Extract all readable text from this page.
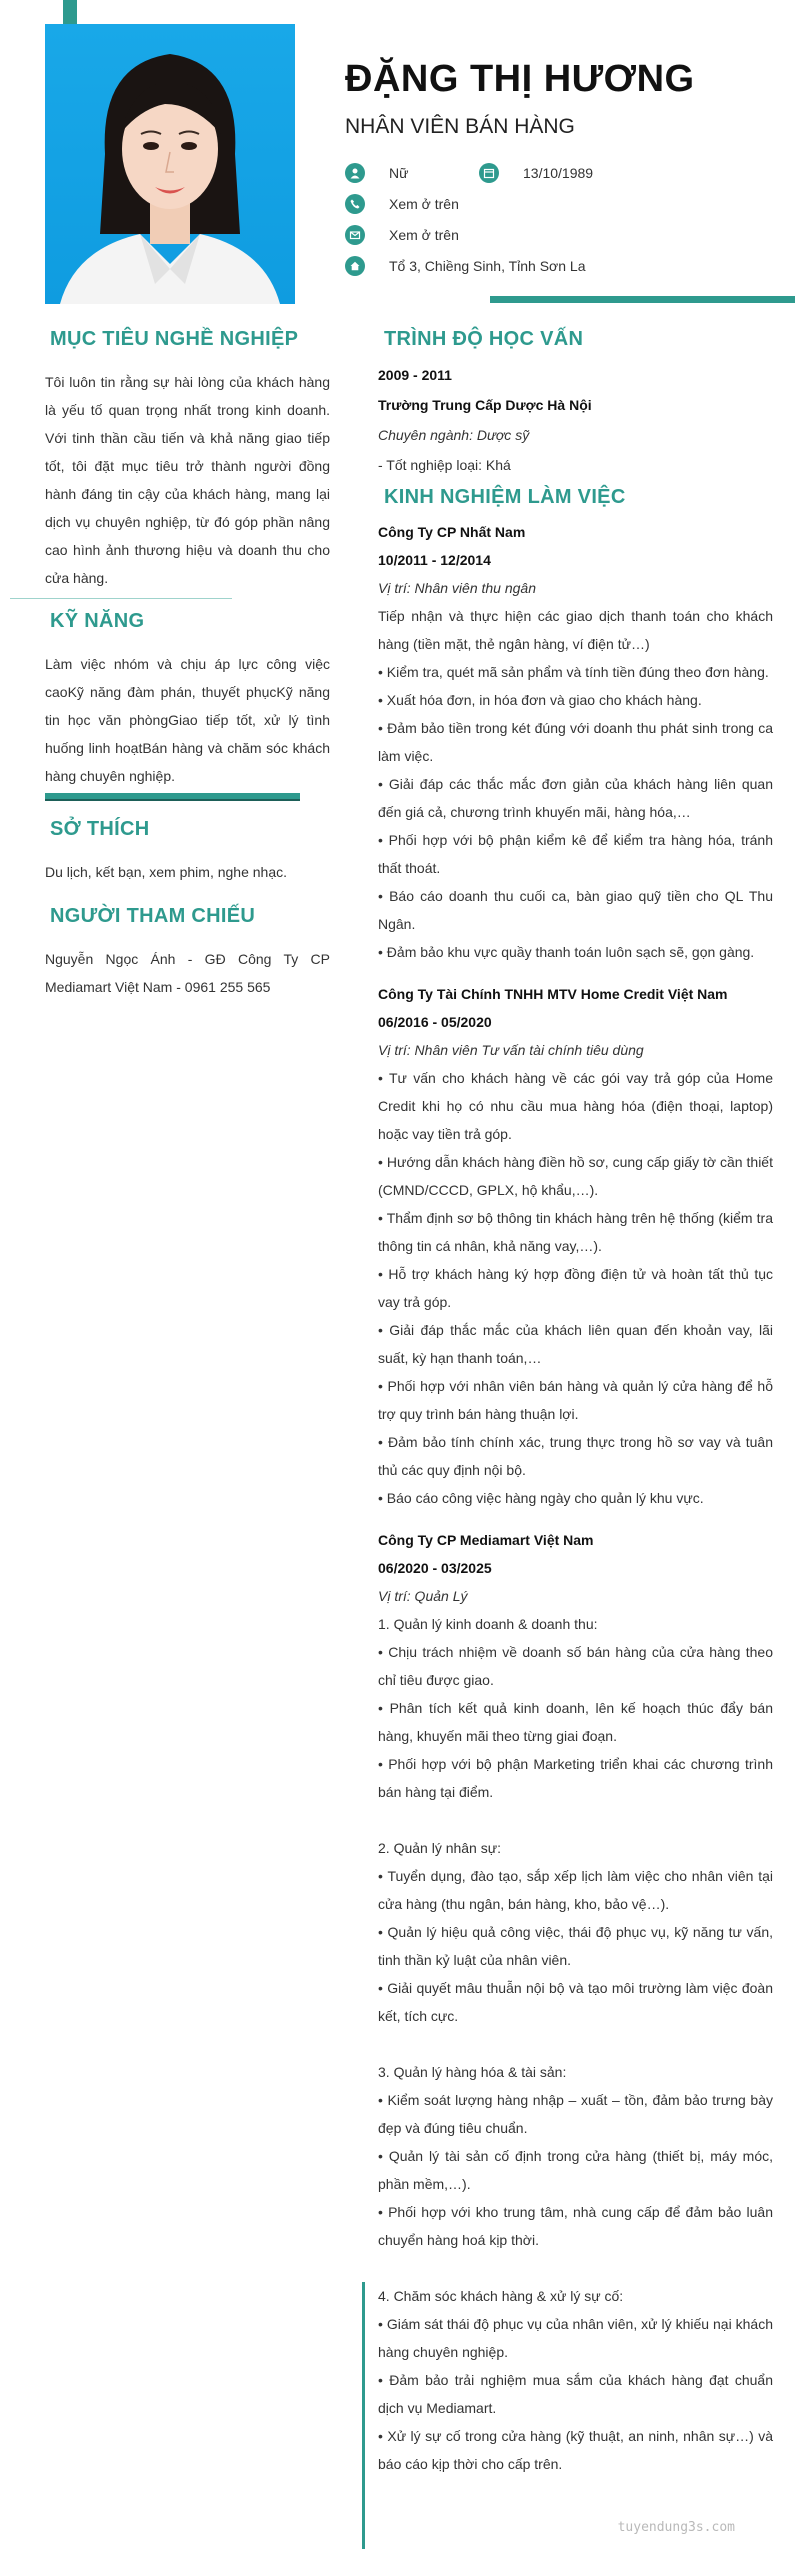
ĐẶNG THỊ HƯƠNG
NHÂN VIÊN BÁN HÀNG
Nữ	13/10/1989
Xem ở trên
Xem ở trên
Tổ 3, Chiềng Sinh, Tỉnh Sơn La
MỤC TIÊU NGHỀ NGHIỆP

Tôi luôn tin rằng sự hài lòng của khách hàng là yếu tố quan trọng nhất trong kinh doanh. Với tinh thần cầu tiến và khả năng giao tiếp tốt, tôi đặt mục tiêu trở thành người đồng hành đáng tin cậy của khách hàng, mang lại dịch vụ chuyên nghiệp, từ đó góp phần nâng cao hình ảnh thương hiệu và doanh thu cho cửa hàng.

KỸ NĂNG

Làm việc nhóm và chịu áp lực công việc caoKỹ năng đàm phán, thuyết phụcKỹ năng tin học văn phòngGiao tiếp tốt, xử lý tình huống linh hoạtBán hàng và chăm sóc khách hàng chuyên nghiệp.

SỞ THÍCH

Du lịch, kết bạn, xem phim, nghe nhạc.

NGƯỜI THAM CHIẾU

Nguyễn Ngọc Ánh - GĐ Công Ty CP Mediamart Việt Nam - 0961 255 565

TRÌNH ĐỘ HỌC VẤN
2009 - 2011
Trường Trung Cấp Dược Hà Nội
Chuyên ngành: Dược sỹ
- Tốt nghiệp loại: Khá
KINH NGHIỆM LÀM VIỆC
Công Ty CP Nhất Nam
10/2011 - 12/2014
Vị trí: Nhân viên thu ngân

Tiếp nhận và thực hiện các giao dịch thanh toán cho khách hàng (tiền mặt, thẻ ngân hàng, ví điện tử…)

• Kiểm tra, quét mã sản phẩm và tính tiền đúng theo đơn hàng.

• Xuất hóa đơn, in hóa đơn và giao cho khách hàng.

• Đảm bảo tiền trong két đúng với doanh thu phát sinh trong ca làm việc.

• Giải đáp các thắc mắc đơn giản của khách hàng liên quan đến giá cả, chương trình khuyến mãi, hàng hóa,…

• Phối hợp với bộ phận kiểm kê để kiểm tra hàng hóa, tránh thất thoát.

• Báo cáo doanh thu cuối ca, bàn giao quỹ tiền cho QL Thu Ngân.

• Đảm bảo khu vực quầy thanh toán luôn sạch sẽ, gọn gàng.

Công Ty Tài Chính TNHH MTV Home Credit Việt Nam
06/2016 - 05/2020
Vị trí: Nhân viên Tư vấn tài chính tiêu dùng

• Tư vấn cho khách hàng về các gói vay trả góp của Home Credit khi họ có nhu cầu mua hàng hóa (điện thoại, laptop) hoặc vay tiền trả góp.

• Hướng dẫn khách hàng điền hồ sơ, cung cấp giấy tờ cần thiết (CMND/CCCD, GPLX, hộ khẩu,…).

• Thẩm định sơ bộ thông tin khách hàng trên hệ thống (kiểm tra thông tin cá nhân, khả năng vay,…).

• Hỗ trợ khách hàng ký hợp đồng điện tử và hoàn tất thủ tục vay trả góp.

• Giải đáp thắc mắc của khách liên quan đến khoản vay, lãi suất, kỳ hạn thanh toán,…

• Phối hợp với nhân viên bán hàng và quản lý cửa hàng để hỗ trợ quy trình bán hàng thuận lợi.

• Đảm bảo tính chính xác, trung thực trong hồ sơ vay và tuân thủ các quy định nội bộ.

• Báo cáo công việc hàng ngày cho quản lý khu vực.

Công Ty CP Mediamart Việt Nam
06/2020 - 03/2025
Vị trí: Quản Lý

1. Quản lý kinh doanh & doanh thu:

• Chịu trách nhiệm về doanh số bán hàng của cửa hàng theo chỉ tiêu được giao.

• Phân tích kết quả kinh doanh, lên kế hoạch thúc đẩy bán hàng, khuyến mãi theo từng giai đoạn.

• Phối hợp với bộ phận Marketing triển khai các chương trình bán hàng tại điểm.

2. Quản lý nhân sự:

• Tuyển dụng, đào tạo, sắp xếp lịch làm việc cho nhân viên tại cửa hàng (thu ngân, bán hàng, kho, bảo vệ…).

• Quản lý hiệu quả công việc, thái độ phục vụ, kỹ năng tư vấn, tinh thần kỷ luật của nhân viên.

• Giải quyết mâu thuẫn nội bộ và tạo môi trường làm việc đoàn kết, tích cực.

3. Quản lý hàng hóa & tài sản:

• Kiểm soát lượng hàng nhập – xuất – tồn, đảm bảo trưng bày đẹp và đúng tiêu chuẩn.

• Quản lý tài sản cố định trong cửa hàng (thiết bị, máy móc, phần mềm,…).

• Phối hợp với kho trung tâm, nhà cung cấp để đảm bảo luân chuyển hàng hoá kịp thời.

4. Chăm sóc khách hàng & xử lý sự cố:

• Giám sát thái độ phục vụ của nhân viên, xử lý khiếu nại khách hàng chuyên nghiệp.

• Đảm bảo trải nghiệm mua sắm của khách hàng đạt chuẩn dịch vụ Mediamart.

• Xử lý sự cố trong cửa hàng (kỹ thuật, an ninh, nhân sự…) và báo cáo kịp thời cho cấp trên.

tuyendung3s.com
